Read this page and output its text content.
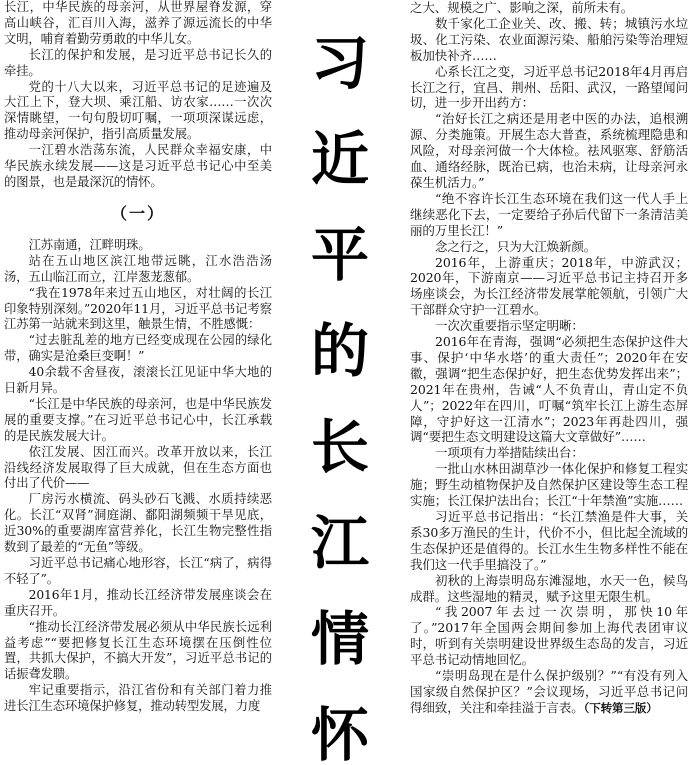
长江，中华民族的母亲河，从世界屋脊发源，穿高山峡谷，汇百川入海，滋养了源远流长的中华文明，哺育着勤劳勇敢的中华儿女。

长江的保护和发展，是习近平总书记长久的牵挂。

党的十八大以来，习近平总书记的足迹遍及大江上下，登大坝、乘江船、访农家……一次次深情眺望，一句句殷切叮嘱，一项项深谋远虑，推动母亲河保护，指引高质量发展。

一江碧水浩荡东流，人民群众幸福安康，中华民族永续发展——这是习近平总书记心中至美的图景，也是最深沉的情怀。

（一）

江苏南通，江畔明珠。

站在五山地区滨江地带远眺，江水浩浩汤汤，五山临江而立，江岸葱茏葱郁。

“我在1978年来过五山地区，对壮阔的长江印象特别深刻。”2020年11月，习近平总书记考察江苏第一站就来到这里，触景生情，不胜感慨：

“过去脏乱差的地方已经变成现在公园的绿化带，确实是沧桑巨变啊！”

40余载不舍昼夜，滚滚长江见证中华大地的日新月异。

“长江是中华民族的母亲河，也是中华民族发展的重要支撑。”在习近平总书记心中，长江承载的是民族发展大计。

依江发展、因江而兴。改革开放以来，长江沿线经济发展取得了巨大成就，但在生态方面也付出了代价——

厂房污水横流、码头砂石飞溅、水质持续恶化。长江“双肾”洞庭湖、鄱阳湖频频干旱见底，近30%的重要湖库富营养化，长江生物完整性指数到了最差的“无鱼”等级。

习近平总书记痛心地形容，长江“病了，病得不轻了”。

2016年1月，推动长江经济带发展座谈会在重庆召开。

“推动长江经济带发展必须从中华民族长远利益考虑”“要把修复长江生态环境摆在压倒性位置，共抓大保护，不搞大开发”，习近平总书记的话振聋发聩。

牢记重要指示，沿江省份和有关部门着力推进长江生态环境保护修复，推动转型发展，力度

习
近
平
的
长
江
情
怀

之大、规模之广、影响之深，前所未有。

数千家化工企业关、改、搬、转；城镇污水垃圾、化工污染、农业面源污染、船舶污染等治理短板加快补齐……

心系长江之变，习近平总书记2018年4月再启长江之行，宜昌、荆州、岳阳、武汉，一路望闻问切，进一步开出药方：

“治好长江之病还是用老中医的办法，追根溯源、分类施策。开展生态大普查，系统梳理隐患和风险，对母亲河做一个大体检。祛风驱寒、舒筋活血、通络经脉，既治已病，也治未病，让母亲河永葆生机活力。”

“绝不容许长江生态环境在我们这一代人手上继续恶化下去，一定要给子孙后代留下一条清洁美丽的万里长江！”

念之行之，只为大江焕新颜。

2016年，上游重庆；2018年，中游武汉；2020年，下游南京——习近平总书记主持召开多场座谈会，为长江经济带发展掌舵领航，引领广大干部群众守护一江碧水。

一次次重要指示坚定明晰：

2016年在青海，强调“必须把生态保护这件大事、保护‘中华水塔’的重大责任”；2020年在安徽，强调“把生态保护好，把生态优势发挥出来”；2021年在贵州，告诫“人不负青山，青山定不负人”；2022年在四川，叮嘱“筑牢长江上游生态屏障，守护好这一江清水”；2023年再赴四川，强调“要把生态文明建设这篇大文章做好”……

一项项有力举措陆续出台：

一批山水林田湖草沙一体化保护和修复工程实施；野生动植物保护及自然保护区建设等生态工程实施；长江保护法出台；长江“十年禁渔”实施……

习近平总书记指出：“长江禁渔是件大事，关系30多万渔民的生计，代价不小，但比起全流域的生态保护还是值得的。长江水生生物多样性不能在我们这一代手里搞没了。”

初秋的上海崇明岛东滩湿地，水天一色，候鸟成群。这些湿地的精灵，赋予这里无限生机。

“我2007年去过一次崇明，那快10年了。”2017年全国两会期间参加上海代表团审议时，听到有关崇明建设世界级生态岛的发言，习近平总书记动情地回忆。

“崇明岛现在是什么保护级别？”“有没有列入国家级自然保护区？”会议现场，习近平总书记问得细致，关注和牵挂溢于言表。（下转第三版）
